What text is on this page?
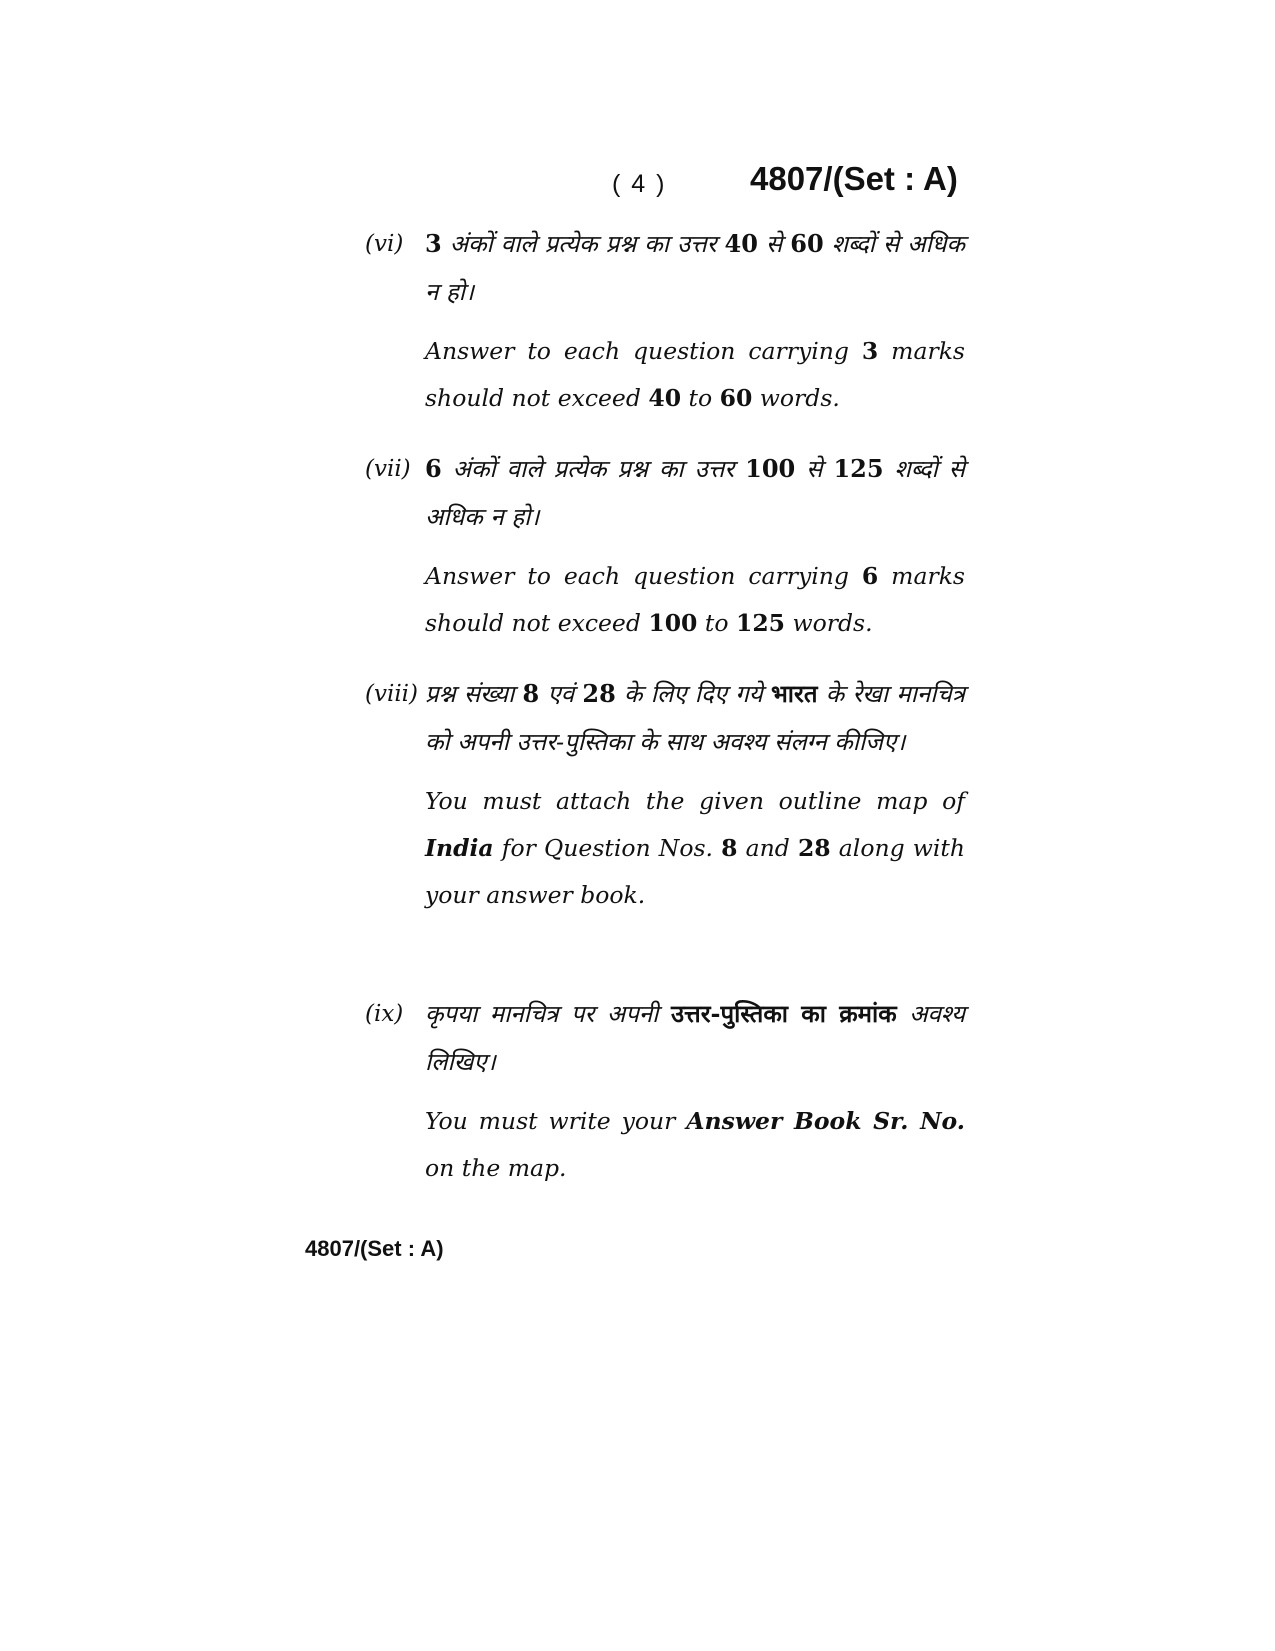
( 4 )	4807/(Set : A)
(vi) 3 अंकों वाले प्रत्येक प्रश्न का उत्तर 40 से 60 शब्दों से अधिक न हो।

Answer to each question carrying 3 marks should not exceed 40 to 60 words.

(vii) 6 अंकों वाले प्रत्येक प्रश्न का उत्तर 100 से 125 शब्दों से अधिक न हो।

Answer to each question carrying 6 marks should not exceed 100 to 125 words.

(viii) प्रश्न संख्या 8 एवं 28 के लिए दिए गये भारत के रेखा मानचित्र को अपनी उत्तर-पुस्तिका के साथ अवश्य संलग्न कीजिए।

You must attach the given outline map of India for Question Nos. 8 and 28 along with your answer book.

(ix) कृपया मानचित्र पर अपनी उत्तर-पुस्तिका का क्रमांक अवश्य लिखिए।

You must write your Answer Book Sr. No. on the map.

4807/(Set : A)
